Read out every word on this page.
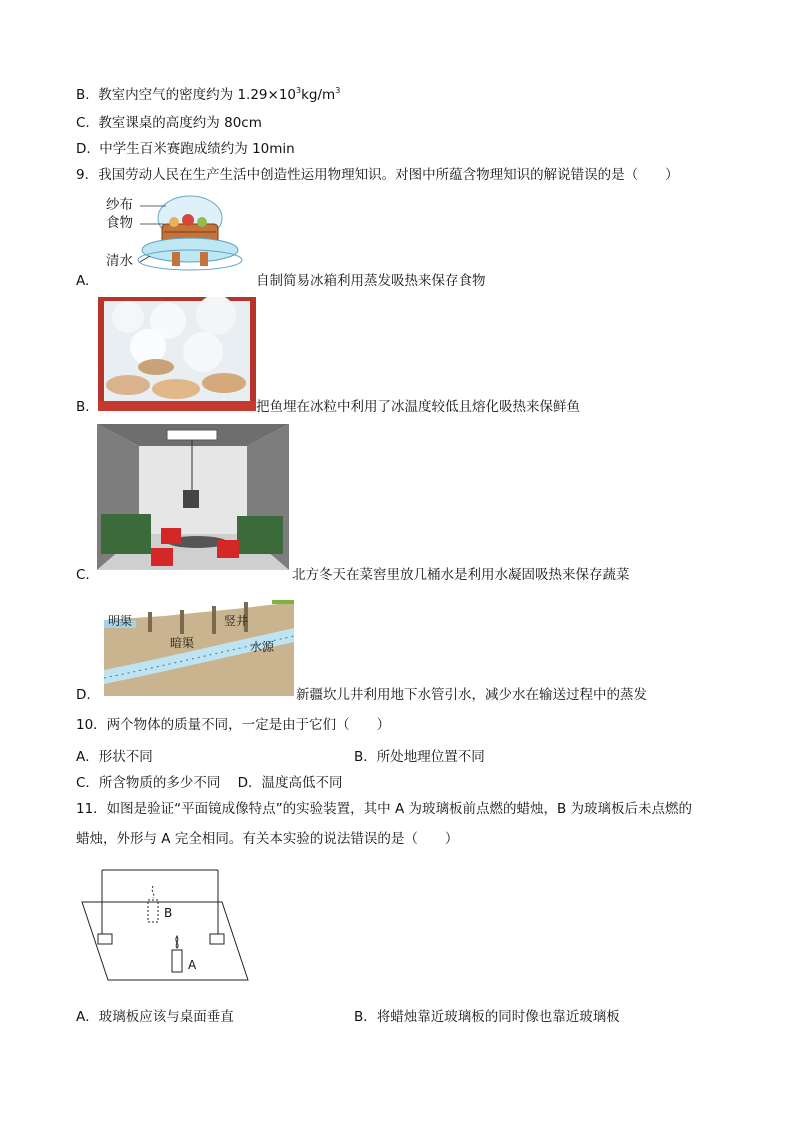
B. 教室内空气的密度约为 $1.29\times 10^3kg/m^3$
C. 教室课桌的高度约为 80cm
D. 中学生百米赛跑成绩约为 10min
9．我国劳动人民在生产生活中创造性运用物理知识。对图中所蕴含物理知识的解说错误的是（　　）
纱布
食物
清水
A.	自制简易冰箱利用蒸发吸热来保存食物
B.	把鱼埋在冰粒中利用了冰温度较低且熔化吸热来保鲜鱼
C.	北方冬天在菜窖里放几桶水是利用水凝固吸热来保存蔬菜
明渠	竖井
暗渠	水源
D.	新疆坎儿井利用地下水管引水，减少水在输送过程中的蒸发
10．两个物体的质量不同，一定是由于它们（　　）
A．形状不同	B．所处地理位置不同
C．所含物质的多少不同 D．温度高低不同
11．如图是验证“平面镜成像特点”的实验装置，其中 A 为玻璃板前点燃的蜡烛，B 为玻璃板后未点燃的
蜡烛，外形与 A 完全相同。有关本实验的说法错误的是（　　）
B
A
A．玻璃板应该与桌面垂直	B．将蜡烛靠近玻璃板的同时像也靠近玻璃板
